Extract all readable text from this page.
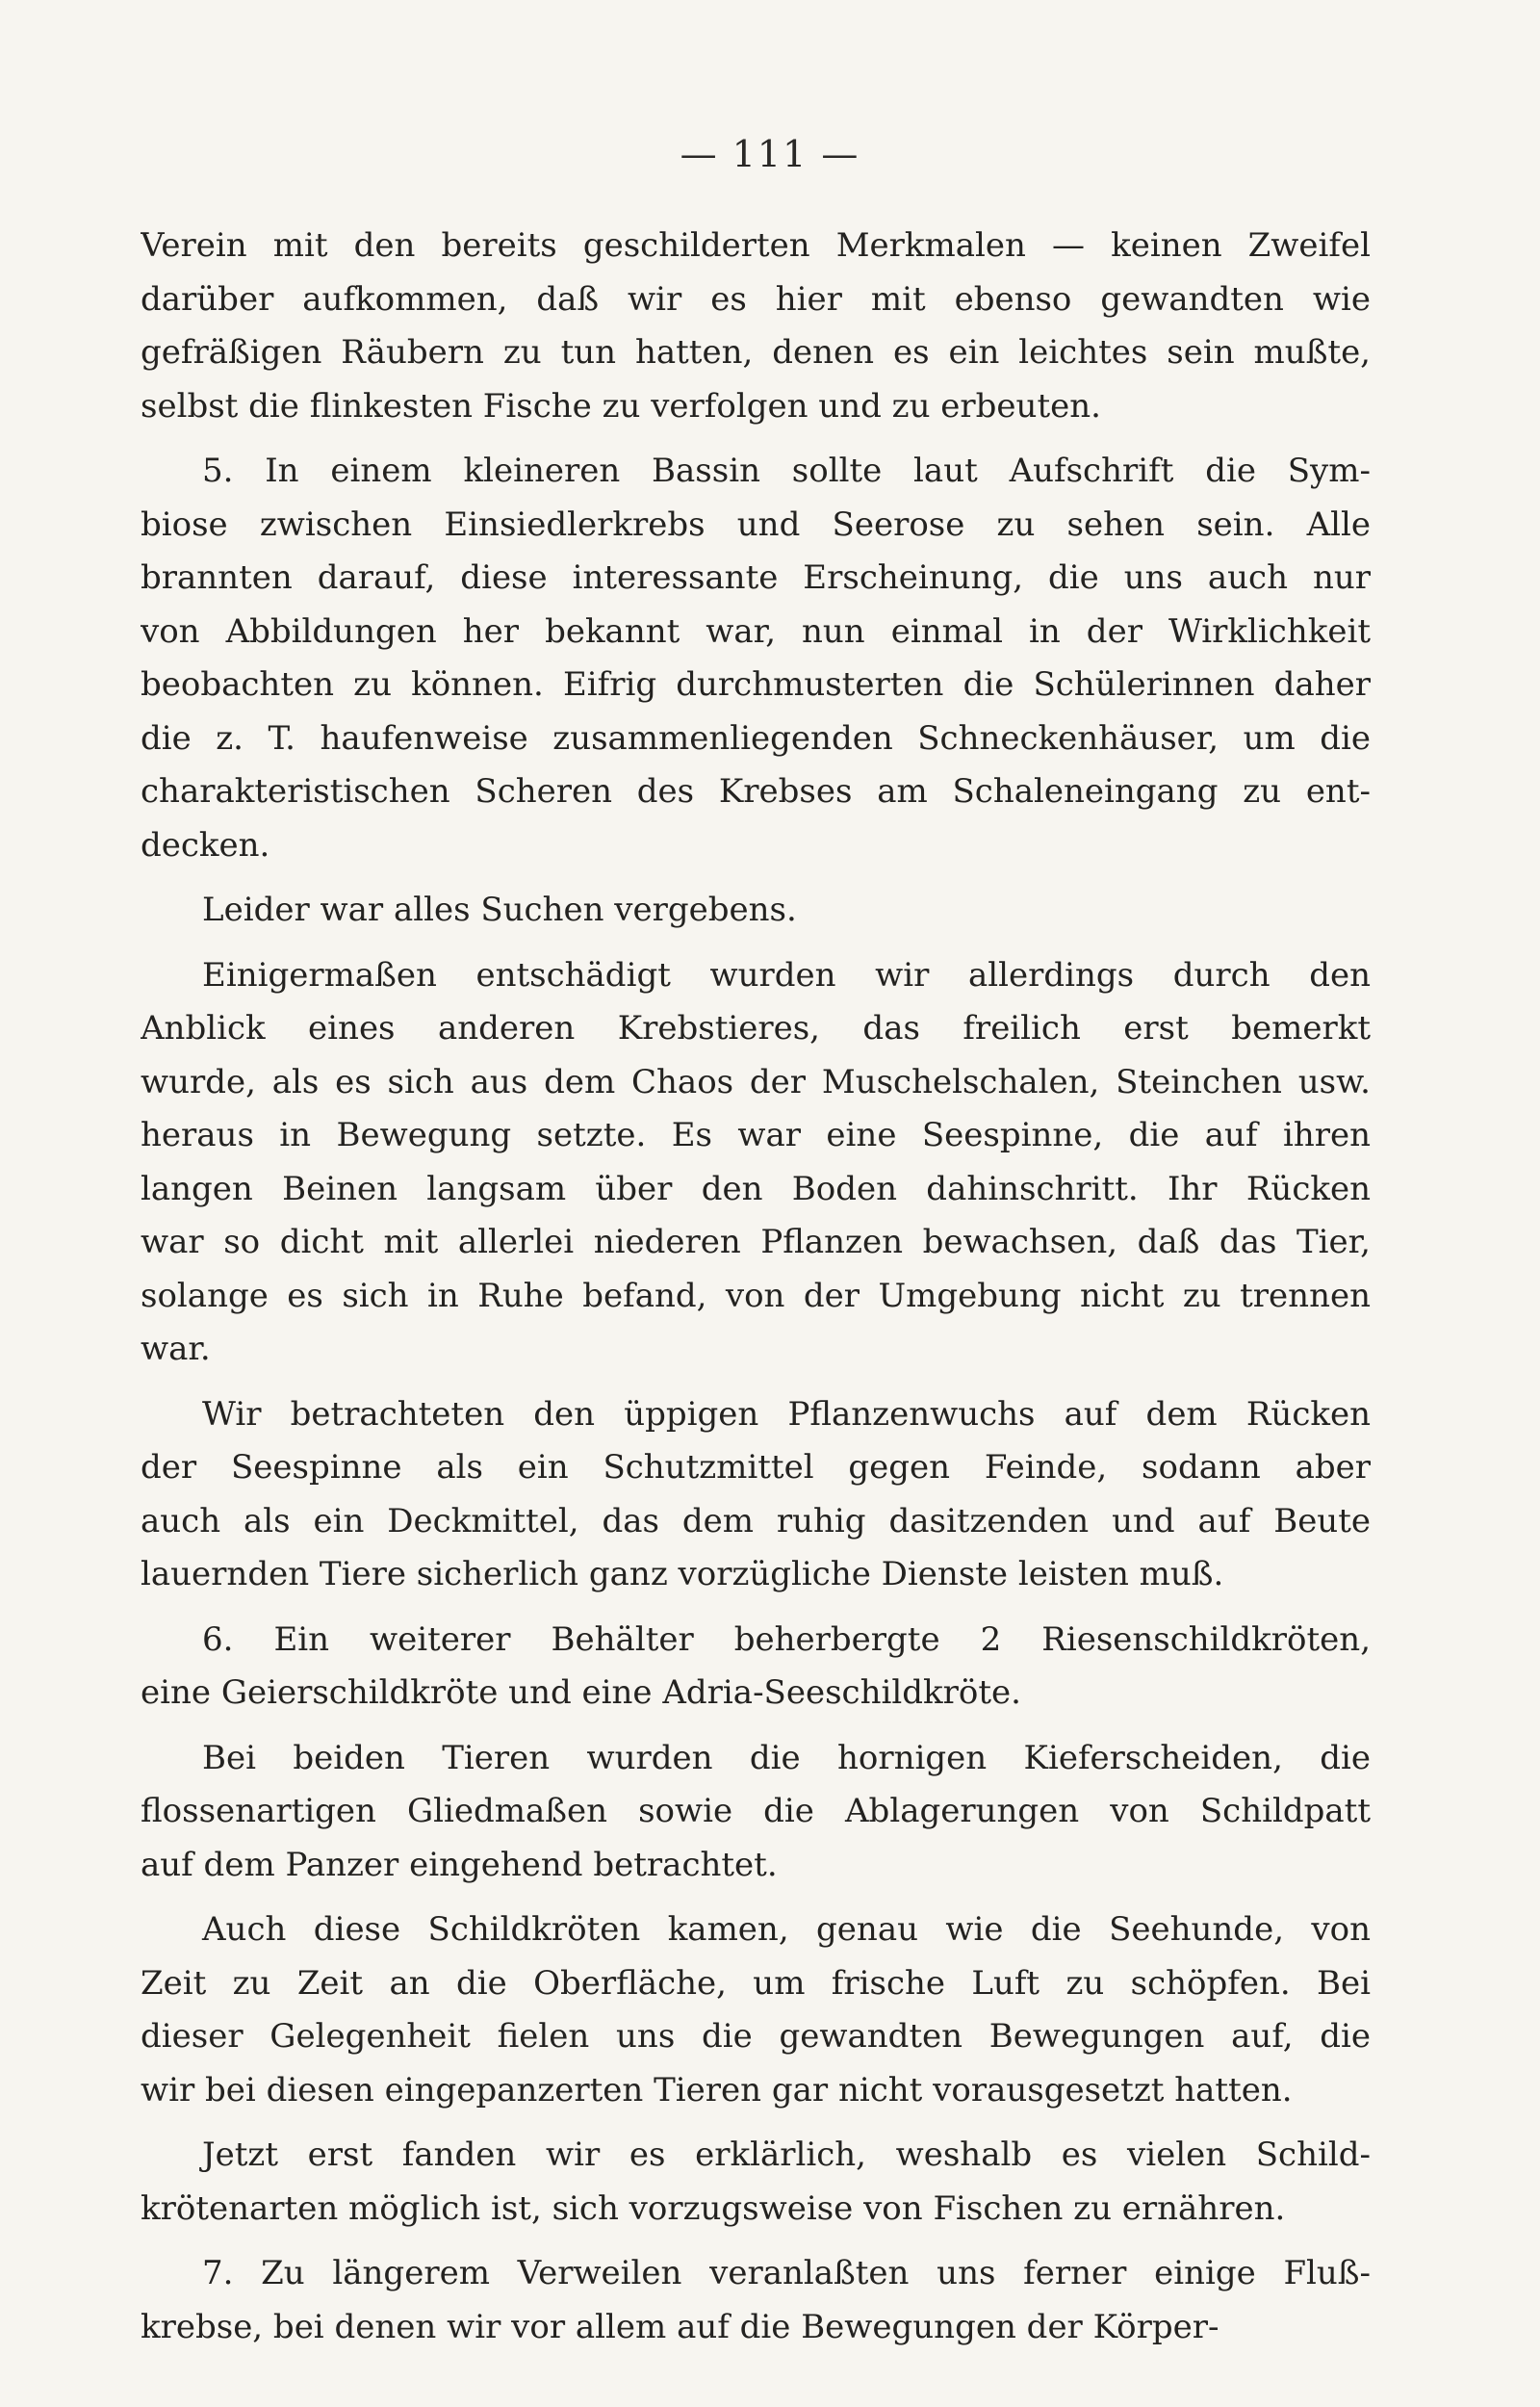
— 111 —
Verein mit den bereits geschilderten Merkmalen — keinen Zweifel
darüber aufkommen, daß wir es hier mit ebenso gewandten wie
gefräßigen Räubern zu tun hatten, denen es ein leichtes sein mußte,
selbst die flinkesten Fische zu verfolgen und zu erbeuten.
5. In einem kleineren Bassin sollte laut Aufschrift die Sym-
biose zwischen Einsiedlerkrebs und Seerose zu sehen sein. Alle
brannten darauf, diese interessante Erscheinung, die uns auch nur
von Abbildungen her bekannt war, nun einmal in der Wirklichkeit
beobachten zu können. Eifrig durchmusterten die Schülerinnen daher
die z. T. haufenweise zusammenliegenden Schneckenhäuser, um die
charakteristischen Scheren des Krebses am Schaleneingang zu ent-
decken.
Leider war alles Suchen vergebens.
Einigermaßen entschädigt wurden wir allerdings durch den
Anblick eines anderen Krebstieres, das freilich erst bemerkt
wurde, als es sich aus dem Chaos der Muschelschalen, Steinchen usw.
heraus in Bewegung setzte. Es war eine Seespinne, die auf ihren
langen Beinen langsam über den Boden dahinschritt. Ihr Rücken
war so dicht mit allerlei niederen Pflanzen bewachsen, daß das Tier,
solange es sich in Ruhe befand, von der Umgebung nicht zu trennen
war.
Wir betrachteten den üppigen Pflanzenwuchs auf dem Rücken
der Seespinne als ein Schutzmittel gegen Feinde, sodann aber
auch als ein Deckmittel, das dem ruhig dasitzenden und auf Beute
lauernden Tiere sicherlich ganz vorzügliche Dienste leisten muß.
6. Ein weiterer Behälter beherbergte 2 Riesenschildkröten,
eine Geierschildkröte und eine Adria-Seeschildkröte.
Bei beiden Tieren wurden die hornigen Kieferscheiden, die
flossenartigen Gliedmaßen sowie die Ablagerungen von Schildpatt
auf dem Panzer eingehend betrachtet.
Auch diese Schildkröten kamen, genau wie die Seehunde, von
Zeit zu Zeit an die Oberfläche, um frische Luft zu schöpfen. Bei
dieser Gelegenheit fielen uns die gewandten Bewegungen auf, die
wir bei diesen eingepanzerten Tieren gar nicht vorausgesetzt hatten.
Jetzt erst fanden wir es erklärlich, weshalb es vielen Schild-
krötenarten möglich ist, sich vorzugsweise von Fischen zu ernähren.
7. Zu längerem Verweilen veranlaßten uns ferner einige Fluß-
krebse, bei denen wir vor allem auf die Bewegungen der Körper-
